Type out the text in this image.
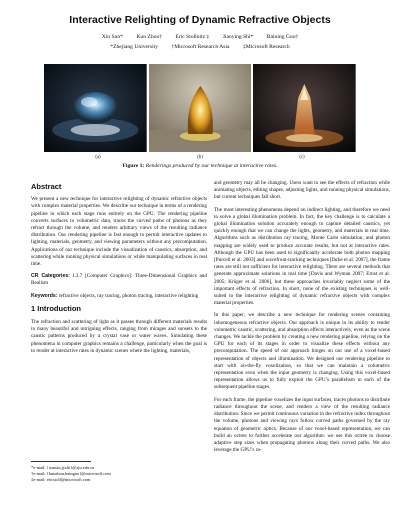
Interactive Relighting of Dynamic Refractive Objects
Xin Sun* Kun Zhou† Eric Stollnitz ‡ Jiaoying Shi* Baining Guo†
*Zhejiang University †Microsoft Research Asia ‡Microsoft Research
(a)	(b)	(c)
Figure 1: Renderings produced by our technique at interactive rates.
Abstract

We present a new technique for interactive relighting of dynamic refractive objects with complex material properties. We describe our technique in terms of a rendering pipeline in which each stage runs entirely on the GPU. The rendering pipeline converts surfaces to volumetric data, traces the curved paths of photons as they refract through the volume, and renders arbitrary views of the resulting radiance distribution. Our rendering pipeline is fast enough to permit interactive updates to lighting, materials, geometry, and viewing parameters without any precomputation. Applications of our technique include the visualization of caustics, absorption, and scattering while running physical simulations or while manipulating surfaces in real time.

CR Categories: I.3.7 [Computer Graphics]: Three-Dimensional Graphics and Realism

Keywords: refractive objects, ray tracing, photon tracing, interactive relighting

1 Introduction

The refraction and scattering of light as it passes through different materials results in many beautiful and intriguing effects, ranging from mirages and sunsets to the caustic patterns produced by a crystal vase or water waves. Simulating these phenomena in computer graphics remains a challenge, particularly when the goal is to render at interactive rates in dynamic scenes where the lighting, materials,

*e-mail: {sunxin,jyshi}@zju.edu.cn
†e-mail: {kunzhou,bainguo}@microsoft.com
‡e-mail: ericstoll@microsoft.com

and geometry may all be changing. Users want to see the effects of refraction while animating objects, editing shapes, adjusting lights, and running physical simulations, but current techniques fall short.

The most interesting phenomena depend on indirect lighting, and therefore we need to solve a global illumination problem. In fact, the key challenge is to calculate a global illumination solution accurately enough to capture detailed caustics, yet quickly enough that we can change the lights, geometry, and materials in real time. Algorithms such as distribution ray tracing, Monte Carlo simulation, and photon mapping are widely used to produce accurate results, but not at interactive rates. Although the GPU has been used to significantly accelerate both photon mapping [Purcell et al. 2003] and wavefront-tracking techniques [Ihrke et al. 2007], the frame rates are still not sufficient for interactive relighting. There are several methods that generate approximate solutions in real time [Davis and Wyman 2007; Ernst et al. 2005; Krüger et al. 2006], but these approaches invariably neglect some of the important effects of refraction. In short, none of the existing techniques is well-suited to the interactive relighting of dynamic refractive objects with complex material properties.

In this paper, we describe a new technique for rendering scenes containing inhomogeneous refractive objects. Our approach is unique in its ability to render volumetric caustic, scattering, and absorption effects interactively, even as the scene changes. We tackle the problem by creating a new rendering pipeline, relying on the GPU for each of its stages in order to visualize these effects without any precomputation. The speed of our approach hinges on our use of a voxel-based representation of objects and illumination. We designed our rendering pipeline to start with on-the-fly voxelization, so that we can maintain a volumetric representation even when the input geometry is changing. Using this voxel-based representation allows us to fully exploit the GPU’s parallelism in each of the subsequent pipeline stages.

For each frame, the pipeline voxelizes the input surfaces, traces photons to distribute radiance throughout the scene, and renders a view of the resulting radiance distribution. Since we permit continuous variation in the refractive index throughout the volume, photons and viewing rays follow curved paths governed by the ray equation of geometric optics. Because of our voxel-based representation, we can build an octree to further accelerate our algorithm: we use this octree to choose adaptive step sizes when propagating photons along their curved paths. We also leverage the GPU’s ra-
